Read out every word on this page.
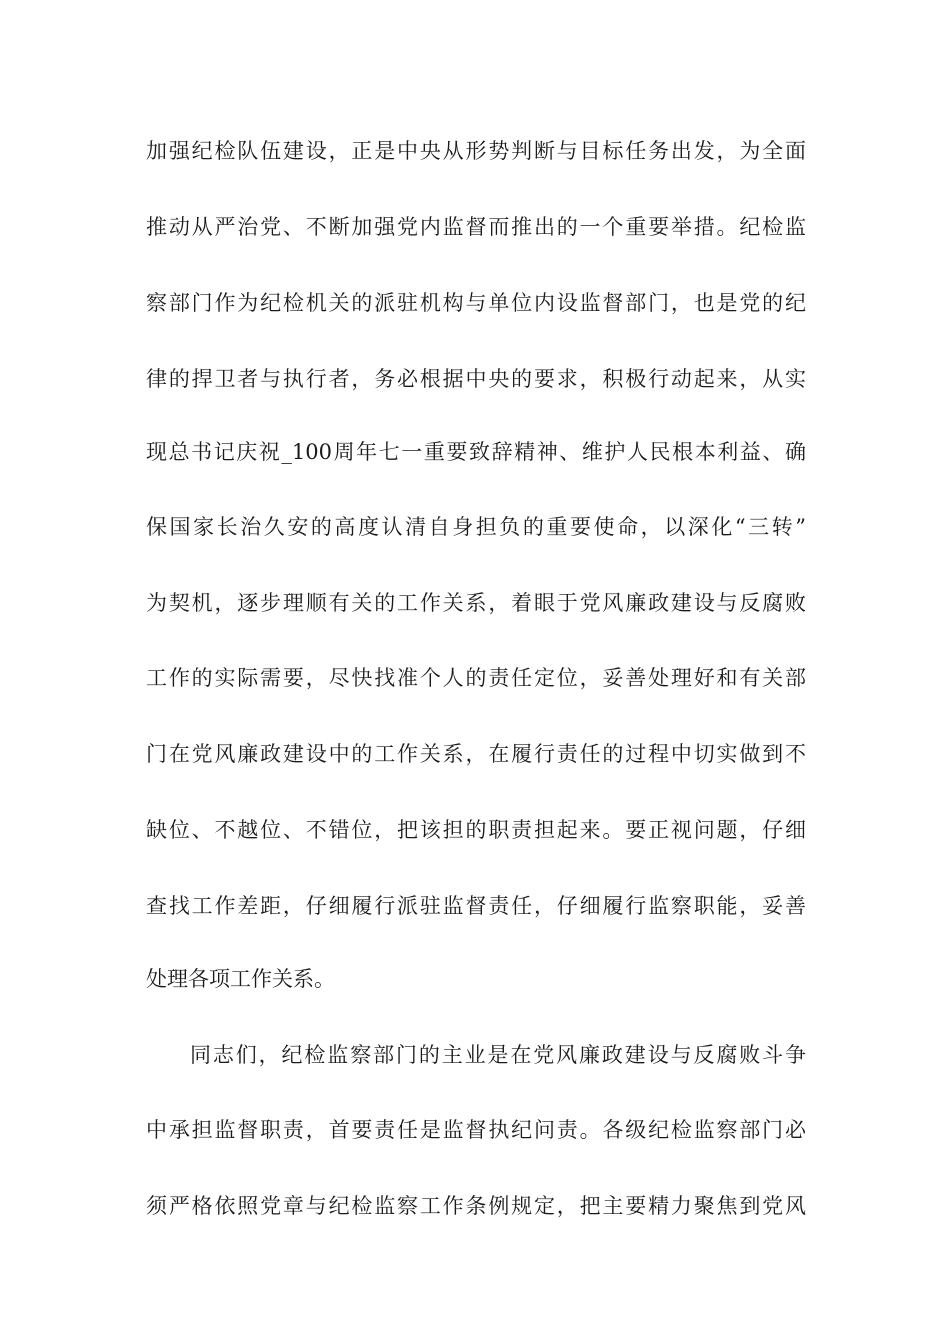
加强纪检队伍建设，正是中央从形势判断与目标任务出发，为全面
推动从严治党、不断加强党内监督而推出的一个重要举措。纪检监
察部门作为纪检机关的派驻机构与单位内设监督部门，也是党的纪
律的捍卫者与执行者，务必根据中央的要求，积极行动起来，从实
现总书记庆祝_100周年七一重要致辞精神、维护人民根本利益、确
保国家长治久安的高度认清自身担负的重要使命，以深化“三转”
为契机，逐步理顺有关的工作关系，着眼于党风廉政建设与反腐败
工作的实际需要，尽快找准个人的责任定位，妥善处理好和有关部
门在党风廉政建设中的工作关系，在履行责任的过程中切实做到不
缺位、不越位、不错位，把该担的职责担起来。要正视问题，仔细
查找工作差距，仔细履行派驻监督责任，仔细履行监察职能，妥善
处理各项工作关系。
同志们，纪检监察部门的主业是在党风廉政建设与反腐败斗争
中承担监督职责，首要责任是监督执纪问责。各级纪检监察部门必
须严格依照党章与纪检监察工作条例规定，把主要精力聚焦到党风
